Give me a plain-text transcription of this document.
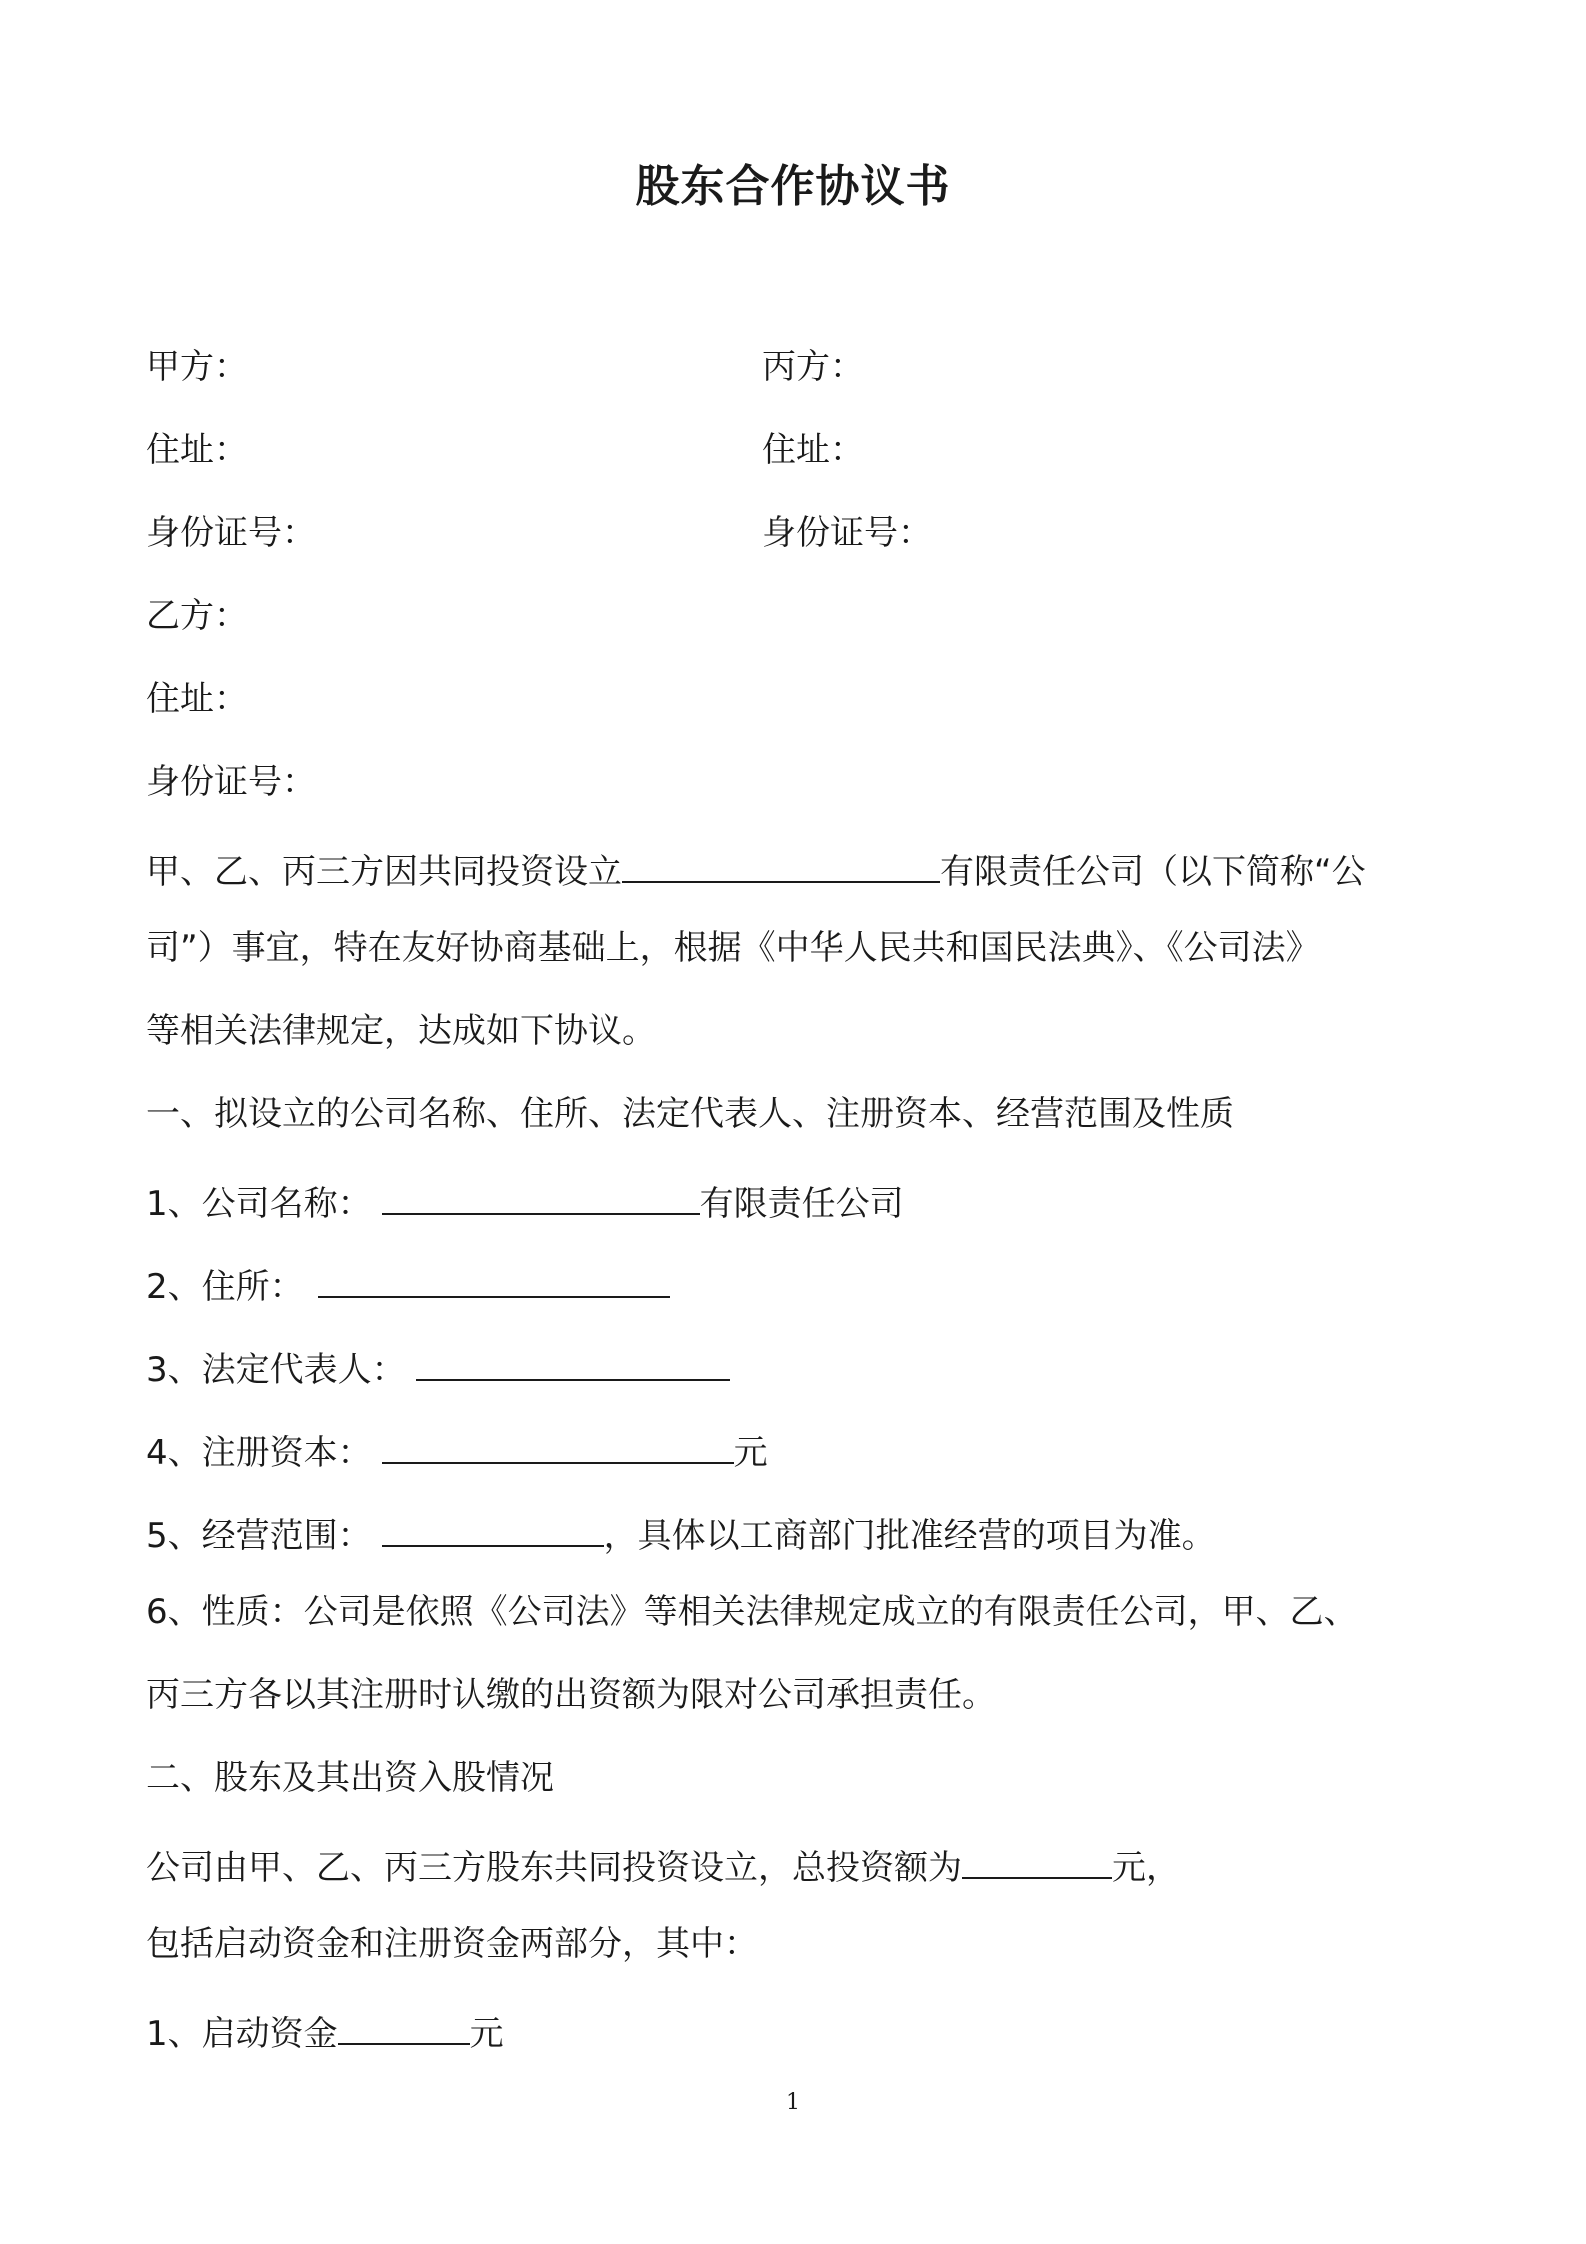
股东合作协议书
甲方：	丙方：
住址：	住址：
身份证号：	身份证号：
乙方：
住址：
身份证号：
甲、乙、丙三方因共同投资设立	有限责任公司（以下简称“公
司”）事宜，特在友好协商基础上，根据《中华人民共和国民法典》、《公司法》
等相关法律规定，达成如下协议。
一、拟设立的公司名称、住所、法定代表人、注册资本、经营范围及性质
1、公司名称：	有限责任公司
2、住所：
3、法定代表人：
4、注册资本：	元
5、经营范围：	，具体以工商部门批准经营的项目为准。
6、性质：公司是依照《公司法》等相关法律规定成立的有限责任公司，甲、乙、
丙三方各以其注册时认缴的出资额为限对公司承担责任。
二、股东及其出资入股情况
公司由甲、乙、丙三方股东共同投资设立，总投资额为	元，
包括启动资金和注册资金两部分，其中：
1、启动资金	元
1
